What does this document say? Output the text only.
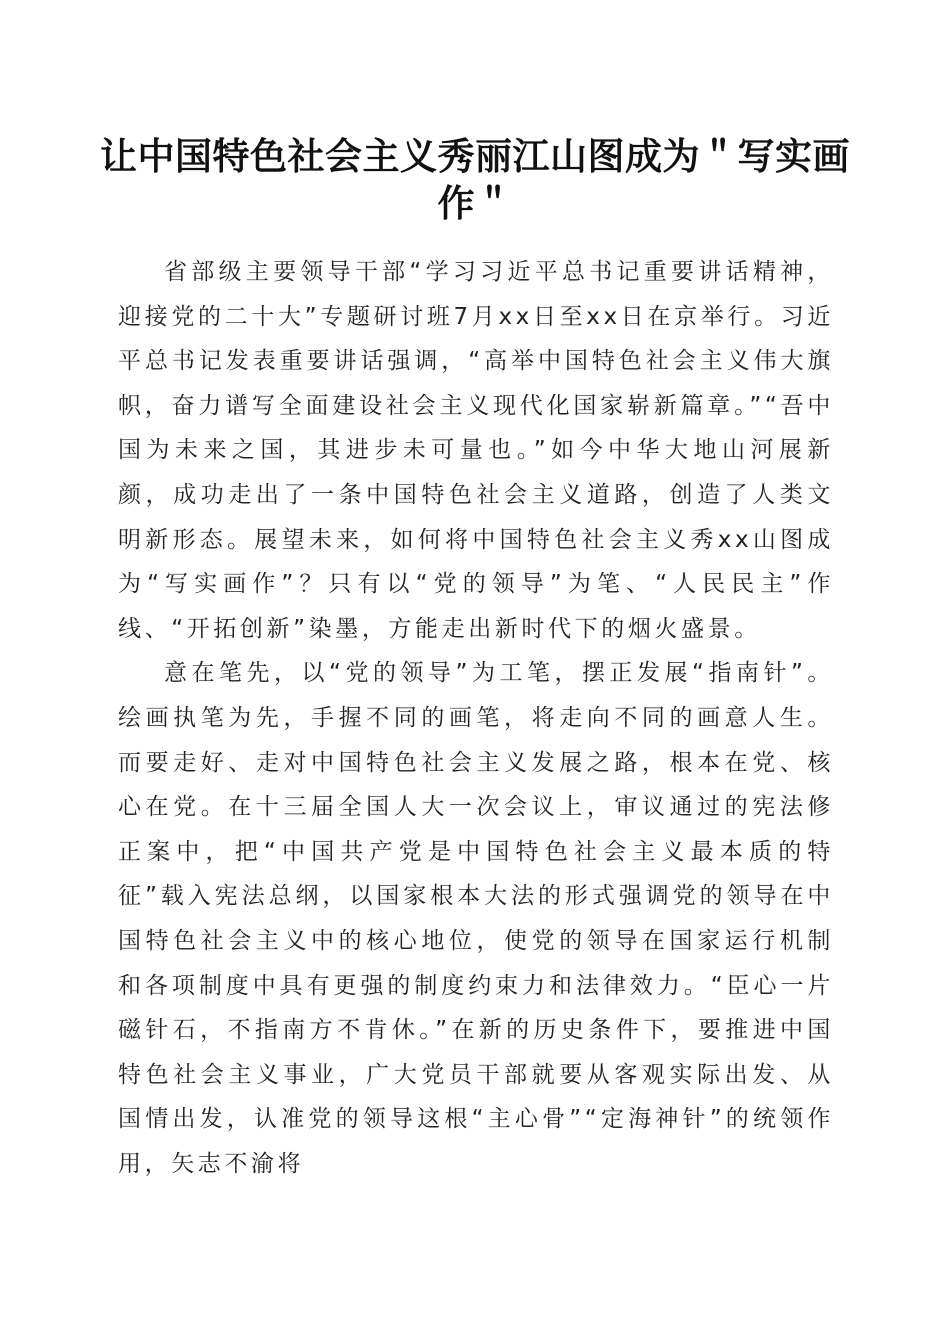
让中国特色社会主义秀丽江山图成为＂写实画作＂

省部级主要领导干部“学习习近平总书记重要讲话精神，迎接党的二十大”专题研讨班7月xx日至xx日在京举行。习近平总书记发表重要讲话强调，“高举中国特色社会主义伟大旗帜，奋力谱写全面建设社会主义现代化国家崭新篇章。”“吾中国为未来之国，其进步未可量也。”如今中华大地山河展新颜，成功走出了一条中国特色社会主义道路，创造了人类文明新形态。展望未来，如何将中国特色社会主义秀xx山图成为“写实画作”？只有以“党的领导”为笔、“人民民主”作线、“开拓创新”染墨，方能走出新时代下的烟火盛景。

意在笔先，以“党的领导”为工笔，摆正发展“指南针”。绘画执笔为先，手握不同的画笔，将走向不同的画意人生。而要走好、走对中国特色社会主义发展之路，根本在党、核心在党。在十三届全国人大一次会议上，审议通过的宪法修正案中，把“中国共产党是中国特色社会主义最本质的特征”载入宪法总纲，以国家根本大法的形式强调党的领导在中国特色社会主义中的核心地位，使党的领导在国家运行机制和各项制度中具有更强的制度约束力和法律效力。“臣心一片磁针石，不指南方不肯休。”在新的历史条件下，要推进中国特色社会主义事业，广大党员干部就要从客观实际出发、从国情出发，认准党的领导这根“主心骨”“定海神针”的统领作用，矢志不渝将
